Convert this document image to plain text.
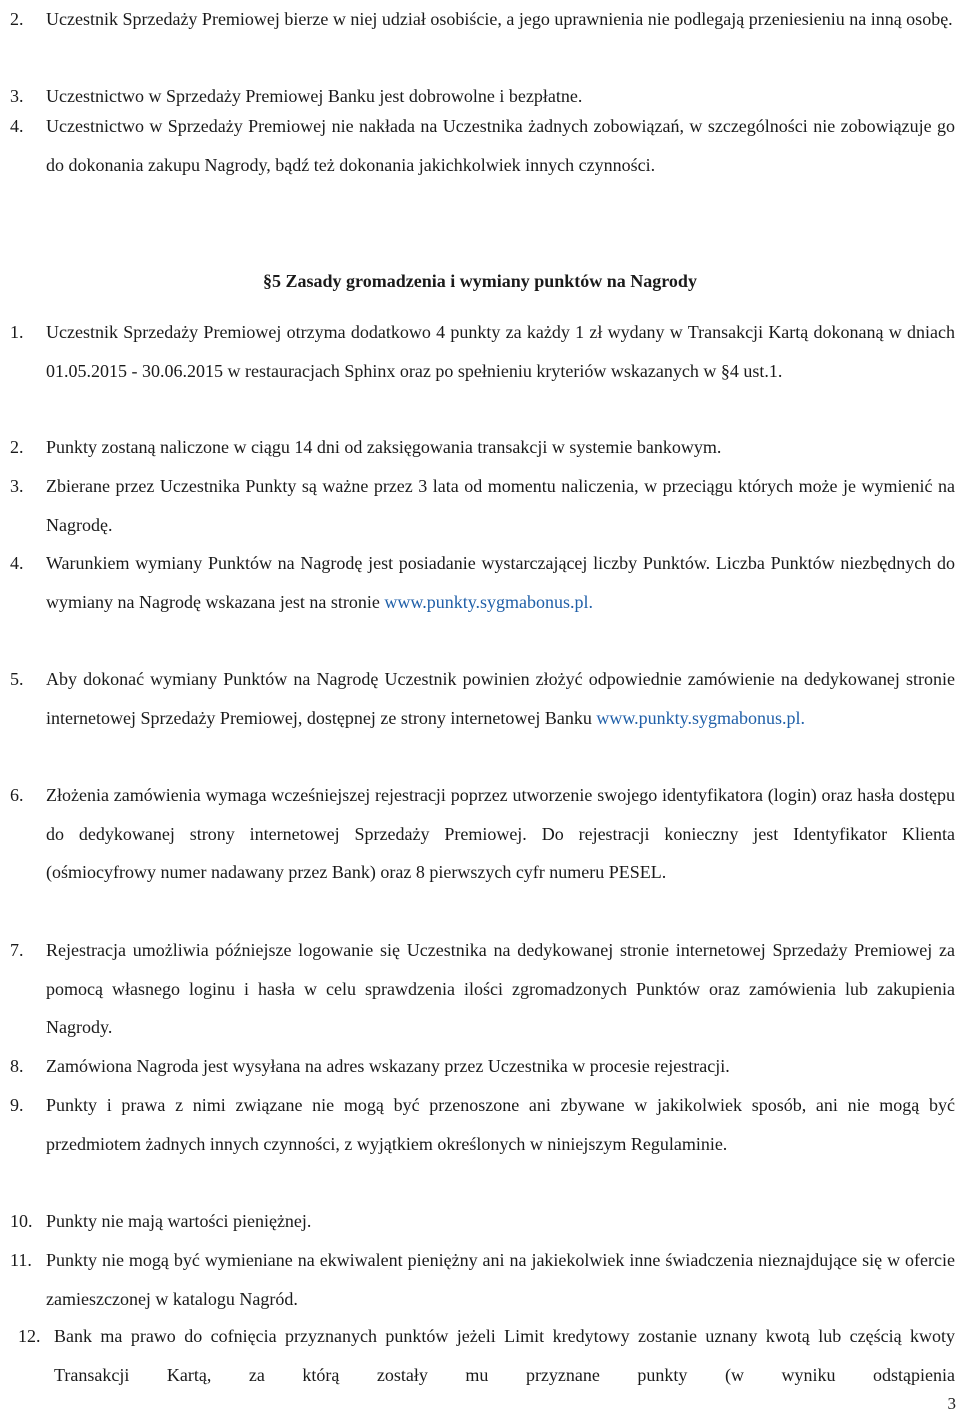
2. Uczestnik Sprzedaży Premiowej bierze w niej udział osobiście, a jego uprawnienia nie podlegają przeniesieniu na inną osobę.
3. Uczestnictwo w Sprzedaży Premiowej Banku jest dobrowolne i bezpłatne.
4. Uczestnictwo w Sprzedaży Premiowej nie nakłada na Uczestnika żadnych zobowiązań, w szczególności nie zobowiązuje go do dokonania zakupu Nagrody, bądź też dokonania jakichkolwiek innych czynności.
§5 Zasady gromadzenia i wymiany punktów na Nagrody
1. Uczestnik Sprzedaży Premiowej otrzyma dodatkowo 4 punkty za każdy 1 zł wydany w Transakcji Kartą dokonaną w dniach 01.05.2015 - 30.06.2015 w restauracjach Sphinx oraz po spełnieniu kryteriów wskazanych w §4 ust.1.
2. Punkty zostaną naliczone w ciągu 14 dni od zaksięgowania transakcji w systemie bankowym.
3. Zbierane przez Uczestnika Punkty są ważne przez 3 lata od momentu naliczenia, w przeciągu których może je wymienić na Nagrodę.
4. Warunkiem wymiany Punktów na Nagrodę jest posiadanie wystarczającej liczby Punktów. Liczba Punktów niezbędnych do wymiany na Nagrodę wskazana jest na stronie www.punkty.sygmabonus.pl.
5. Aby dokonać wymiany Punktów na Nagrodę Uczestnik powinien złożyć odpowiednie zamówienie na dedykowanej stronie internetowej Sprzedaży Premiowej, dostępnej ze strony internetowej Banku www.punkty.sygmabonus.pl.
6. Złożenia zamówienia wymaga wcześniejszej rejestracji poprzez utworzenie swojego identyfikatora (login) oraz hasła dostępu do dedykowanej strony internetowej Sprzedaży Premiowej. Do rejestracji konieczny jest Identyfikator Klienta (ośmiocyfrowy numer nadawany przez Bank) oraz 8 pierwszych cyfr numeru PESEL.
7. Rejestracja umożliwia późniejsze logowanie się Uczestnika na dedykowanej stronie internetowej Sprzedaży Premiowej za pomocą własnego loginu i hasła w celu sprawdzenia ilości zgromadzonych Punktów oraz zamówienia lub zakupienia Nagrody.
8. Zamówiona Nagroda jest wysyłana na adres wskazany przez Uczestnika w procesie rejestracji.
9. Punkty i prawa z nimi związane nie mogą być przenoszone ani zbywane w jakikolwiek sposób, ani nie mogą być przedmiotem żadnych innych czynności, z wyjątkiem określonych w niniejszym Regulaminie.
10. Punkty nie mają wartości pieniężnej.
11. Punkty nie mogą być wymieniane na ekwiwalent pieniężny ani na jakiekolwiek inne świadczenia nieznajdujące się w ofercie zamieszczonej w katalogu Nagród.
12. Bank ma prawo do cofnięcia przyznanych punktów jeżeli Limit kredytowy zostanie uznany kwotą lub częścią kwoty Transakcji Kartą, za którą zostały mu przyznane punkty (w wyniku odstąpienia
3
